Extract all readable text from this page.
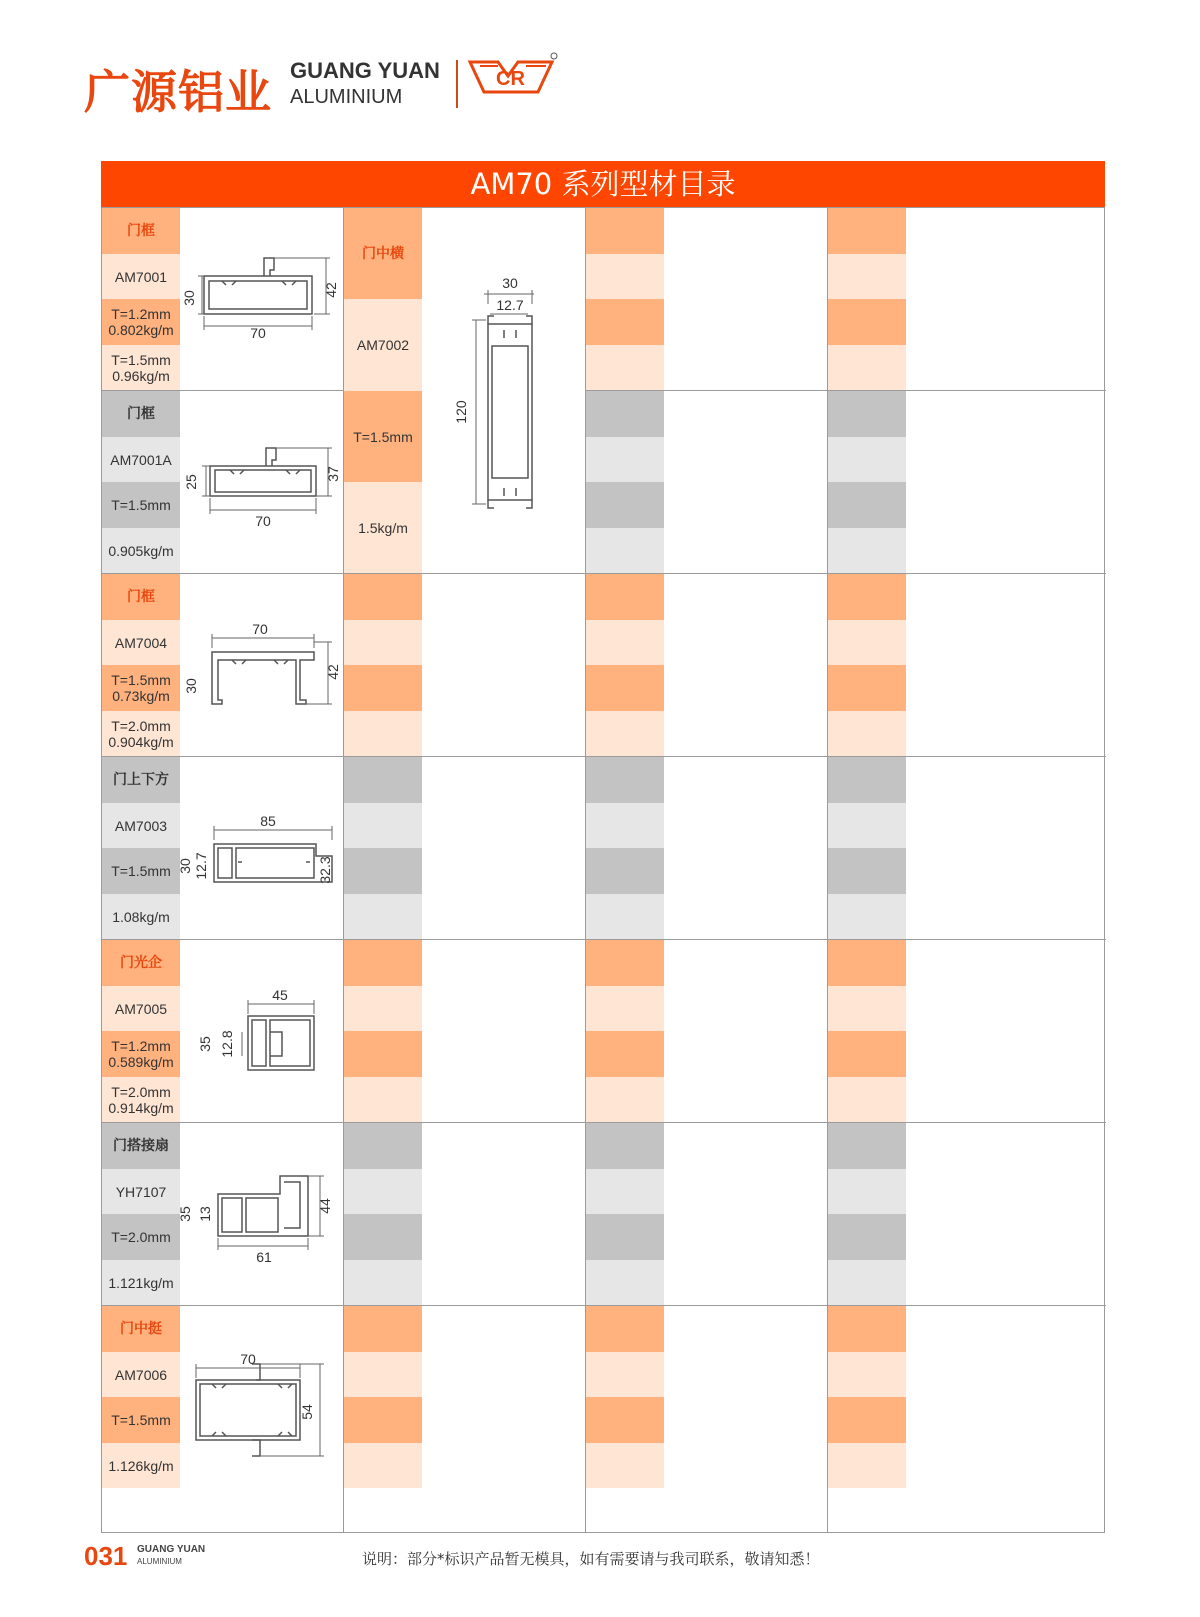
广源铝业 GUANG YUAN
ALUMINIUM
CR
AM70 系列型材目录
门框
AM7001
T=1.2mm
0.802kg/m
T=1.5mm
0.96kg/m
门框
AM7001A
T=1.5mm
0.905kg/m
门框
AM7004
T=1.5mm
0.73kg/m
T=2.0mm
0.904kg/m
门上下方
AM7003
T=1.5mm
1.08kg/m
门光企
AM7005
T=1.2mm
0.589kg/m
T=2.0mm
0.914kg/m
门搭接扇
YH7107
T=2.0mm
1.121kg/m
门中挺
AM7006
T=1.5mm
1.126kg/m
门中横
AM7002
T=1.5mm
1.5kg/m
70
30
42
70
25
37
70
30
42
85
30 12.7	32.3
45
35 12.8
61
35 13
44
70
54
30
12.7
120
031 GUANG YUAN
ALUMINIUM	说明：部分*标识产品暂无模具，如有需要请与我司联系，敬请知悉！
